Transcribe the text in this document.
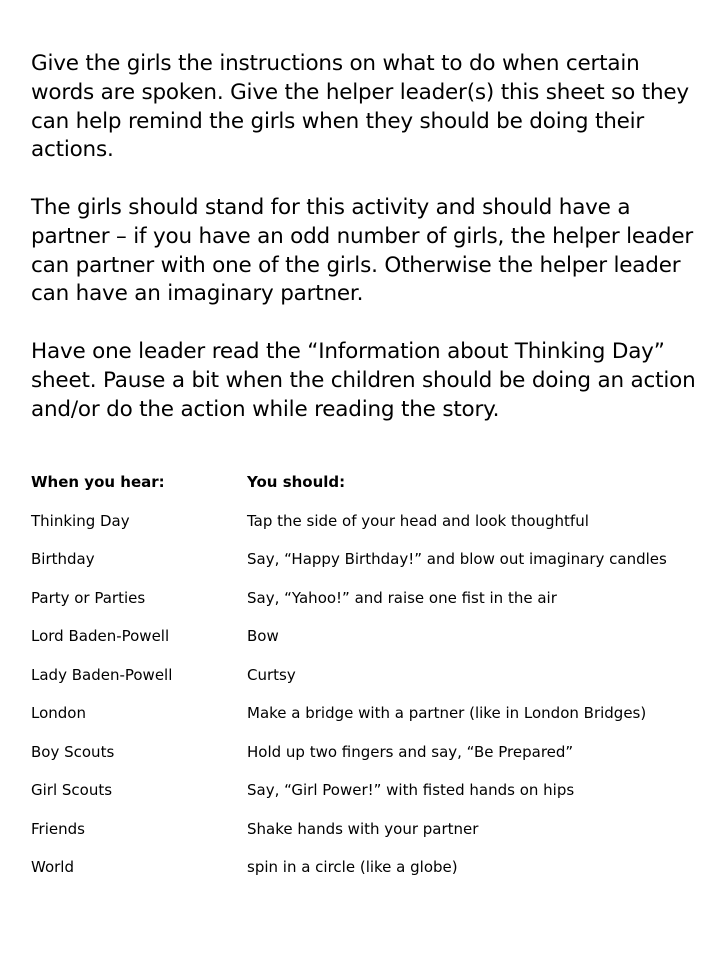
Give the girls the instructions on what to do when certain words are spoken. Give the helper leader(s) this sheet so they can help remind the girls when they should be doing their actions.

The girls should stand for this activity and should have a partner – if you have an odd number of girls, the helper leader can partner with one of the girls. Otherwise the helper leader can have an imaginary partner.

Have one leader read the “Information about Thinking Day” sheet. Pause a bit when the children should be doing an action and/or do the action while reading the story.

When you hear:	You should:
Thinking Day	Tap the side of your head and look thoughtful
Birthday	Say, “Happy Birthday!” and blow out imaginary candles
Party or Parties	Say, “Yahoo!” and raise one fist in the air
Lord Baden-Powell	Bow
Lady Baden-Powell	Curtsy
London	Make a bridge with a partner (like in London Bridges)
Boy Scouts	Hold up two fingers and say, “Be Prepared”
Girl Scouts	Say, “Girl Power!” with fisted hands on hips
Friends	Shake hands with your partner
World	spin in a circle (like a globe)
